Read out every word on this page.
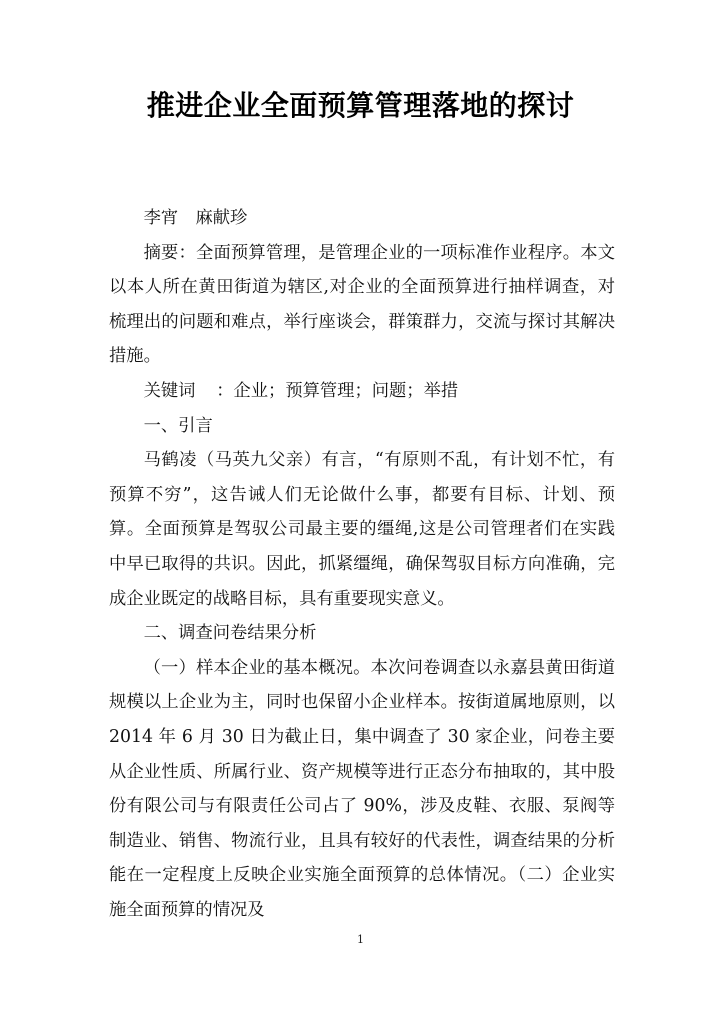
推进企业全面预算管理落地的探讨

李宵 麻献珍

摘要：全面预算管理，是管理企业的一项标准作业程序。本文以本人所在黄田街道为辖区,对企业的全面预算进行抽样调查，对梳理出的问题和难点，举行座谈会，群策群力，交流与探讨其解决措施。

关键词 ：企业；预算管理；问题；举措

一、引言

马鹤凌（马英九父亲）有言，“有原则不乱，有计划不忙，有预算不穷”，这告诫人们无论做什么事，都要有目标、计划、预算。全面预算是驾驭公司最主要的缰绳,这是公司管理者们在实践中早已取得的共识。因此，抓紧缰绳，确保驾驭目标方向准确，完成企业既定的战略目标，具有重要现实意义。

二、调查问卷结果分析

（一）样本企业的基本概况。本次问卷调查以永嘉县黄田街道规模以上企业为主，同时也保留小企业样本。按街道属地原则，以 2014 年 6 月 30 日为截止日，集中调查了 30 家企业，问卷主要从企业性质、所属行业、资产规模等进行正态分布抽取的，其中股份有限公司与有限责任公司占了 90%，涉及皮鞋、衣服、泵阀等制造业、销售、物流行业，且具有较好的代表性，调查结果的分析能在一定程度上反映企业实施全面预算的总体情况。（二）企业实施全面预算的情况及

1
